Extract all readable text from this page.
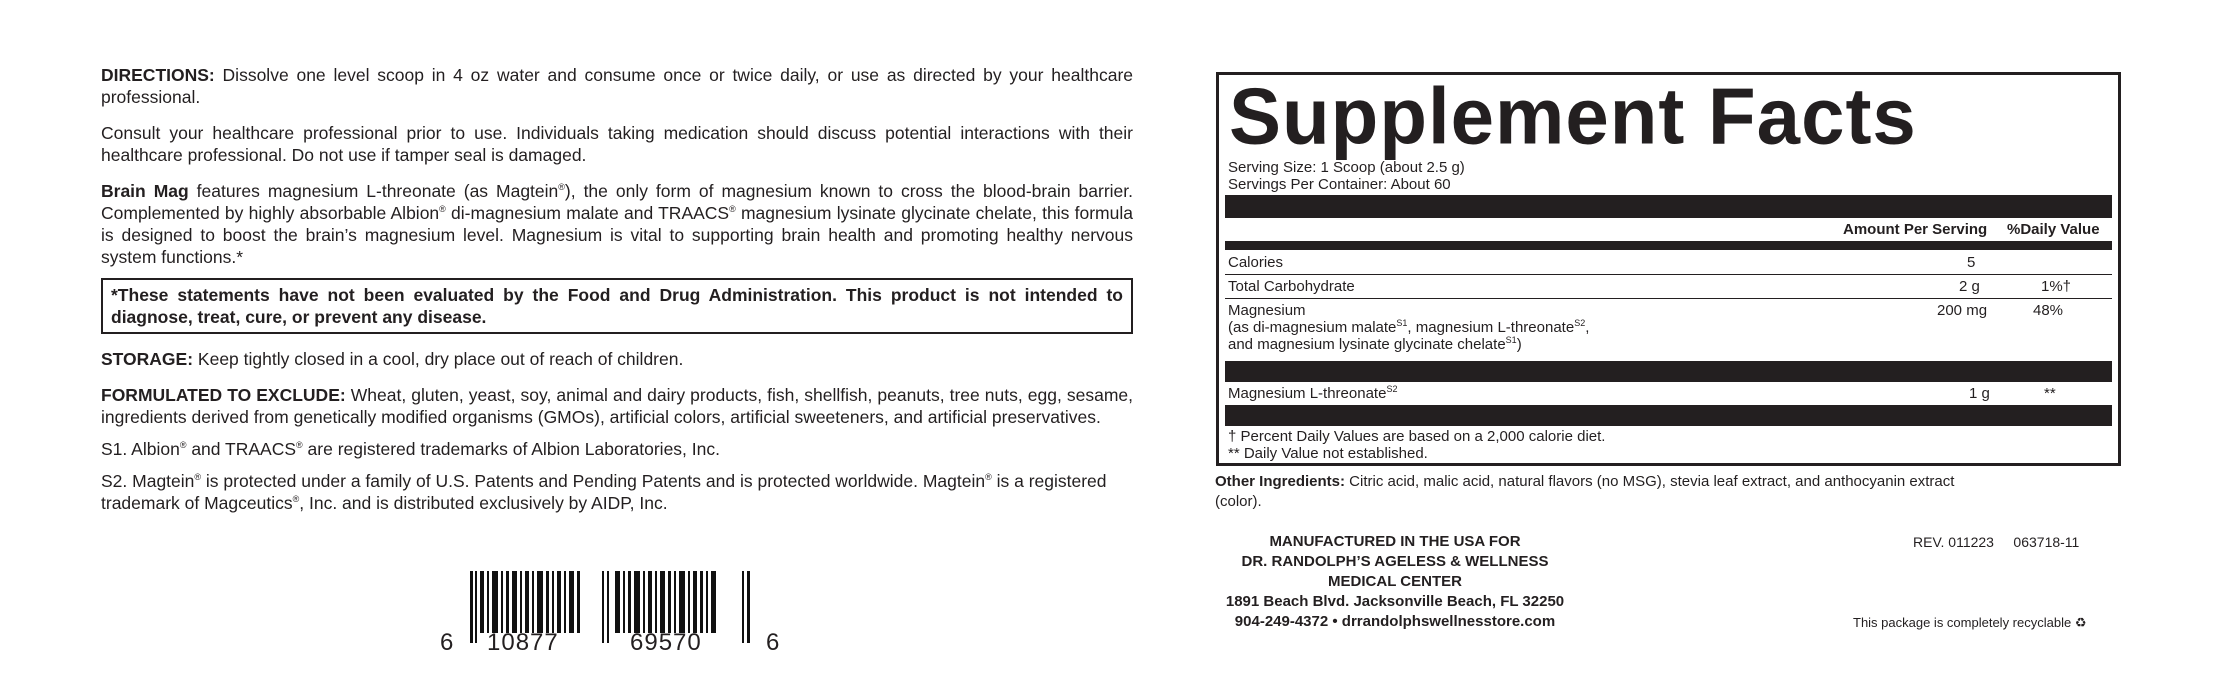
DIRECTIONS: Dissolve one level scoop in 4 oz water and consume once or twice daily, or use as directed by your healthcare professional.

Consult your healthcare professional prior to use. Individuals taking medication should discuss potential interactions with their healthcare professional. Do not use if tamper seal is damaged.

Brain Mag features magnesium L-threonate (as Magtein®), the only form of magnesium known to cross the blood-brain barrier. Complemented by highly absorbable Albion® di-magnesium malate and TRAACS® magnesium lysinate glycinate chelate, this formula is designed to boost the brain’s magnesium level. Magnesium is vital to supporting brain health and promoting healthy nervous system functions.*

*These statements have not been evaluated by the Food and Drug Administration. This product is not intended to diagnose, treat, cure, or prevent any disease.

STORAGE: Keep tightly closed in a cool, dry place out of reach of children.

FORMULATED TO EXCLUDE: Wheat, gluten, yeast, soy, animal and dairy products, fish, shellfish, peanuts, tree nuts, egg, sesame, ingredients derived from genetically modified organisms (GMOs), artificial colors, artificial sweeteners, and artificial preservatives.

S1. Albion® and TRAACS® are registered trademarks of Albion Laboratories, Inc.

S2. Magtein® is protected under a family of U.S. Patents and Pending Patents and is protected worldwide. Magtein® is a registered trademark of Magceutics®, Inc. and is distributed exclusively by AIDP, Inc.

6 10877	69570	6
Supplement Facts
Serving Size: 1 Scoop (about 2.5 g)
Servings Per Container: About 60
Amount Per Serving %Daily Value
Calories	5
Total Carbohydrate	2 g	1%†
Magnesium
(as di-magnesium malate$^{S1}$, magnesium L-threonate$^{S2}$,
and magnesium lysinate glycinate chelate$^{S1}$)
200 mg	48%
Magnesium L-threonate$^{S2}$	1 g	**
† Percent Daily Values are based on a 2,000 calorie diet.
** Daily Value not established.
Other Ingredients: Citric acid, malic acid, natural flavors (no MSG), stevia leaf extract, and anthocyanin extract (color).
MANUFACTURED IN THE USA FOR
DR. RANDOLPH’S AGELESS & WELLNESS
MEDICAL CENTER
1891 Beach Blvd. Jacksonville Beach, FL 32250
904-249-4372 • drrandolphswellnesstore.com
REV. 011223 063718-11
This package is completely recyclable ♻
